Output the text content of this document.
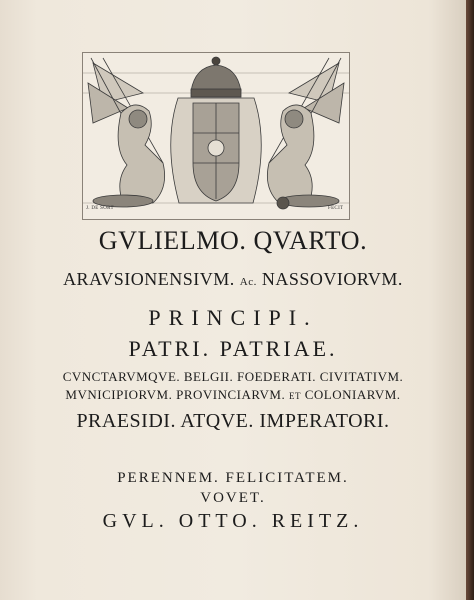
J. DE SORT	FECIT
GVLIELMO. QVARTO.
ARAVSIONENSIVM. Ac. NASSOVIORVM.
PRINCIPI.
PATRI. PATRIAE.
CVNCTARVMQVE. BELGII. FOEDERATI. CIVITATIVM.
MVNICIPIORVM. PROVINCIARVM. ET COLONIARVM.
PRAESIDI. ATQVE. IMPERATORI.
PERENNEM. FELICITATEM.
VOVET.
GVL. OTTO. REITZ.
